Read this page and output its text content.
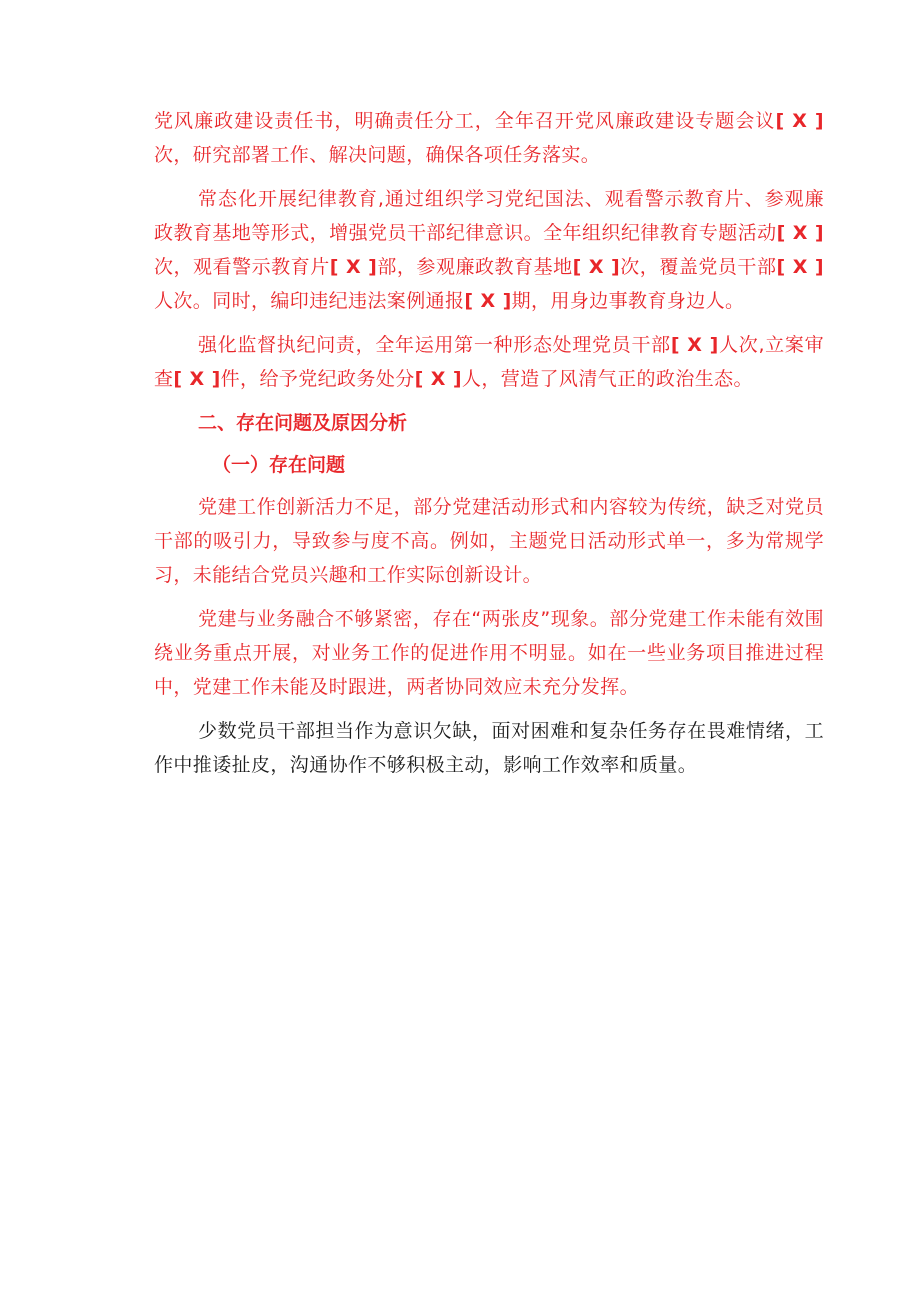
党风廉政建设责任书，明确责任分工，全年召开党风廉政建设专题会议[ X ]次，研究部署工作、解决问题，确保各项任务落实。

常态化开展纪律教育,通过组织学习党纪国法、观看警示教育片、参观廉政教育基地等形式，增强党员干部纪律意识。全年组织纪律教育专题活动[ X ]次，观看警示教育片[ X ]部，参观廉政教育基地[ X ]次，覆盖党员干部[ X ]人次。同时，编印违纪违法案例通报[ X ]期，用身边事教育身边人。

强化监督执纪问责，全年运用第一种形态处理党员干部[ X ]人次,立案审查[ X ]件，给予党纪政务处分[ X ]人，营造了风清气正的政治生态。

二、存在问题及原因分析

（一）存在问题

党建工作创新活力不足，部分党建活动形式和内容较为传统，缺乏对党员干部的吸引力，导致参与度不高。例如，主题党日活动形式单一，多为常规学习，未能结合党员兴趣和工作实际创新设计。

党建与业务融合不够紧密，存在“两张皮”现象。部分党建工作未能有效围绕业务重点开展，对业务工作的促进作用不明显。如在一些业务项目推进过程中，党建工作未能及时跟进，两者协同效应未充分发挥。

少数党员干部担当作为意识欠缺，面对困难和复杂任务存在畏难情绪，工作中推诿扯皮，沟通协作不够积极主动，影响工作效率和质量。
